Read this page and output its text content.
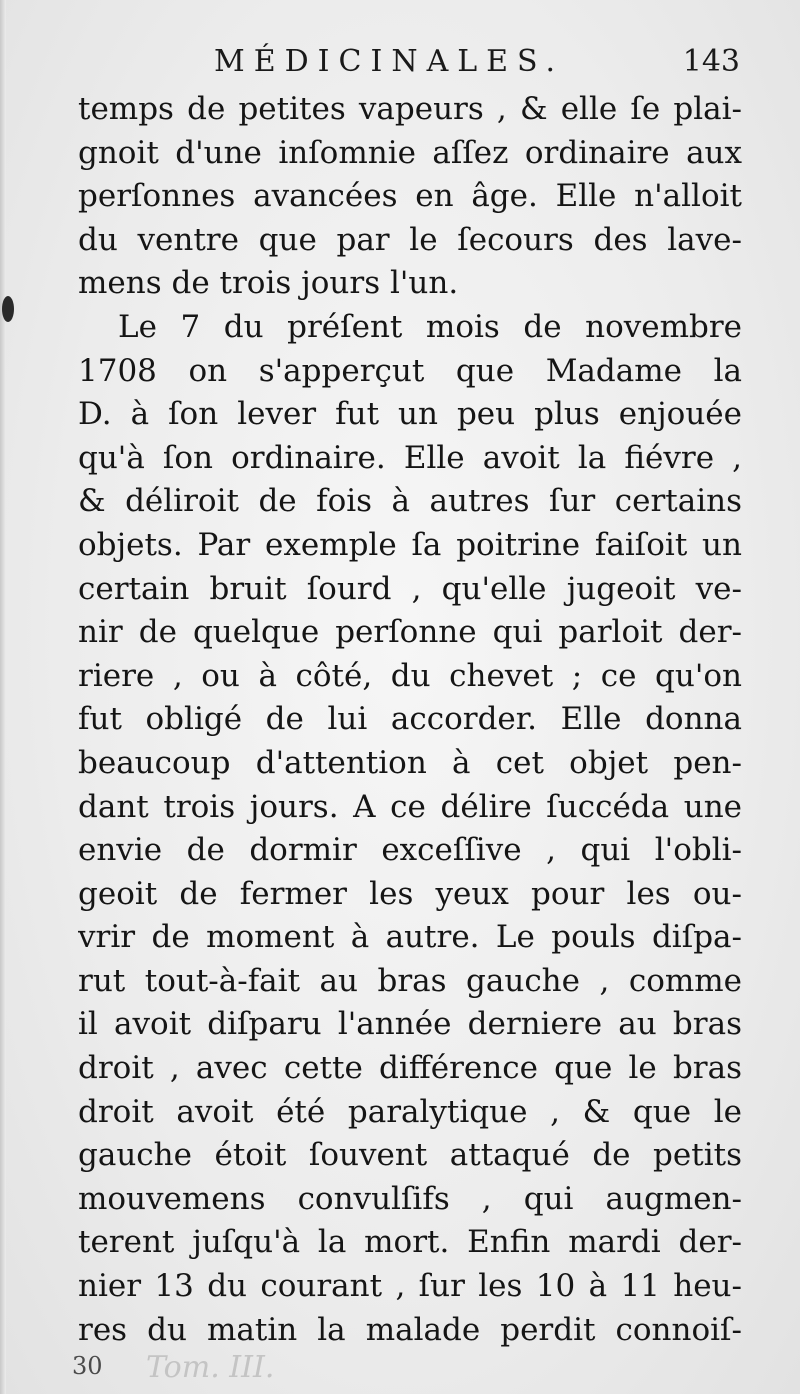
MÉDICINALES.	143
temps de petites vapeurs , & elle ſe plai-
gnoit d'une inſomnie aſſez ordinaire aux
perſonnes avancées en âge. Elle n'alloit
du ventre que par le ſecours des lave-
mens de trois jours l'un.
Le 7 du préſent mois de novembre
1708 on s'apperçut que Madame la
D. à ſon lever fut un peu plus enjouée
qu'à ſon ordinaire. Elle avoit la fiévre ,
& déliroit de fois à autres ſur certains
objets. Par exemple ſa poitrine faiſoit un
certain bruit ſourd , qu'elle jugeoit ve-
nir de quelque perſonne qui parloit der-
riere , ou à côté, du chevet ; ce qu'on
fut obligé de lui accorder. Elle donna
beaucoup d'attention à cet objet pen-
dant trois jours. A ce délire ſuccéda une
envie de dormir exceſſive , qui l'obli-
geoit de fermer les yeux pour les ou-
vrir de moment à autre. Le pouls diſpa-
rut tout-à-fait au bras gauche , comme
il avoit diſparu l'année derniere au bras
droit , avec cette différence que le bras
droit avoit été paralytique , & que le
gauche étoit ſouvent attaqué de petits
mouvemens convulſifs , qui augmen-
terent juſqu'à la mort. Enfin mardi der-
nier 13 du courant , ſur les 10 à 11 heu-
res du matin la malade perdit connoiſ-
30 Tom. III.
